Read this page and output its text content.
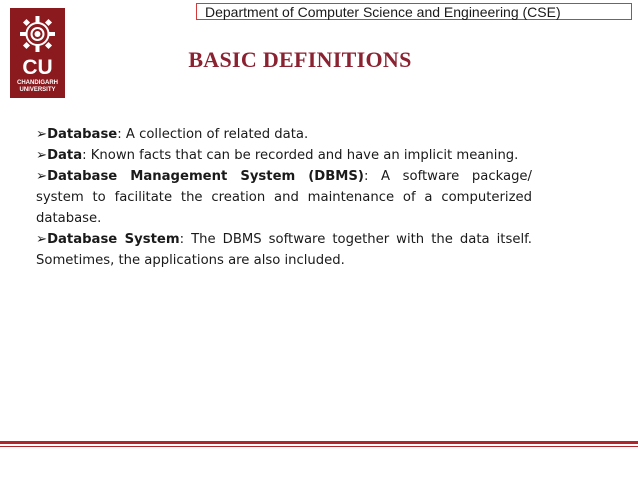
CU
CHANDIGARH
UNIVERSITY
Department of Computer Science and Engineering (CSE)
BASIC DEFINITIONS

➢Database: A collection of related data.

➢Data: Known facts that can be recorded and have an implicit meaning.

➢Database Management System (DBMS): A software package/ system to facilitate the creation and maintenance of a computerized database.

➢Database System: The DBMS software together with the data itself. Sometimes, the applications are also included.
